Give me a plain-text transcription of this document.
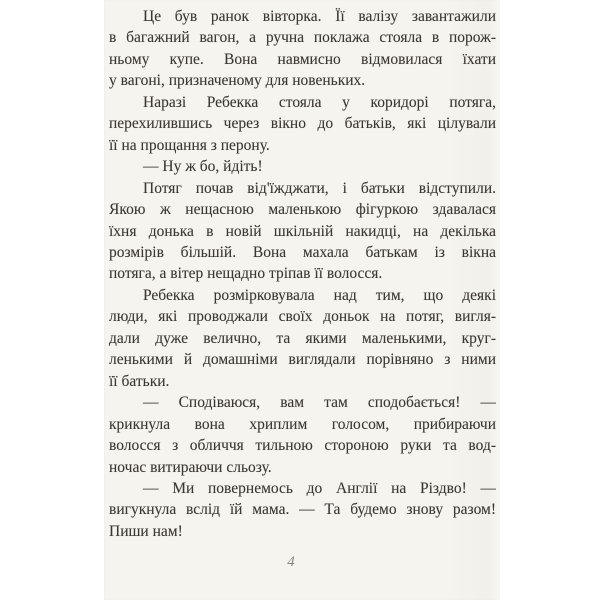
Це був ранок вівторка. Її валізу завантажили
в багажний вагон, а ручна поклажа стояла в порож-
ньому купе. Вона навмисно відмовилася їхати
у вагоні, призначеному для новеньких.
Наразі Ребекка стояла у коридорі потяга,
перехилившись через вікно до батьків, які цілували
її на прощання з перону.
— Ну ж бо, йдіть!
Потяг почав від'їжджати, і батьки відступили.
Якою ж нещасною маленькою фігуркою здавалася
їхня донька в новій шкільній накидці, на декілька
розмірів більшій. Вона махала батькам із вікна
потяга, а вітер нещадно тріпав її волосся.
Ребекка розмірковувала над тим, що деякі
люди, які проводжали своїх доньок на потяг, вигля-
дали дуже велично, та якими маленькими, круг-
ленькими й домашніми виглядали порівняно з ними
її батьки.
— Сподіваюся, вам там сподобається! —
крикнула вона хриплим голосом, прибираючи
волосся з обличчя тильною стороною руки та вод-
ночас витираючи сльозу.
— Ми повернемось до Англії на Різдво! —
вигукнула вслід їй мама. — Та будемо знову разом!
Пиши нам!
4
